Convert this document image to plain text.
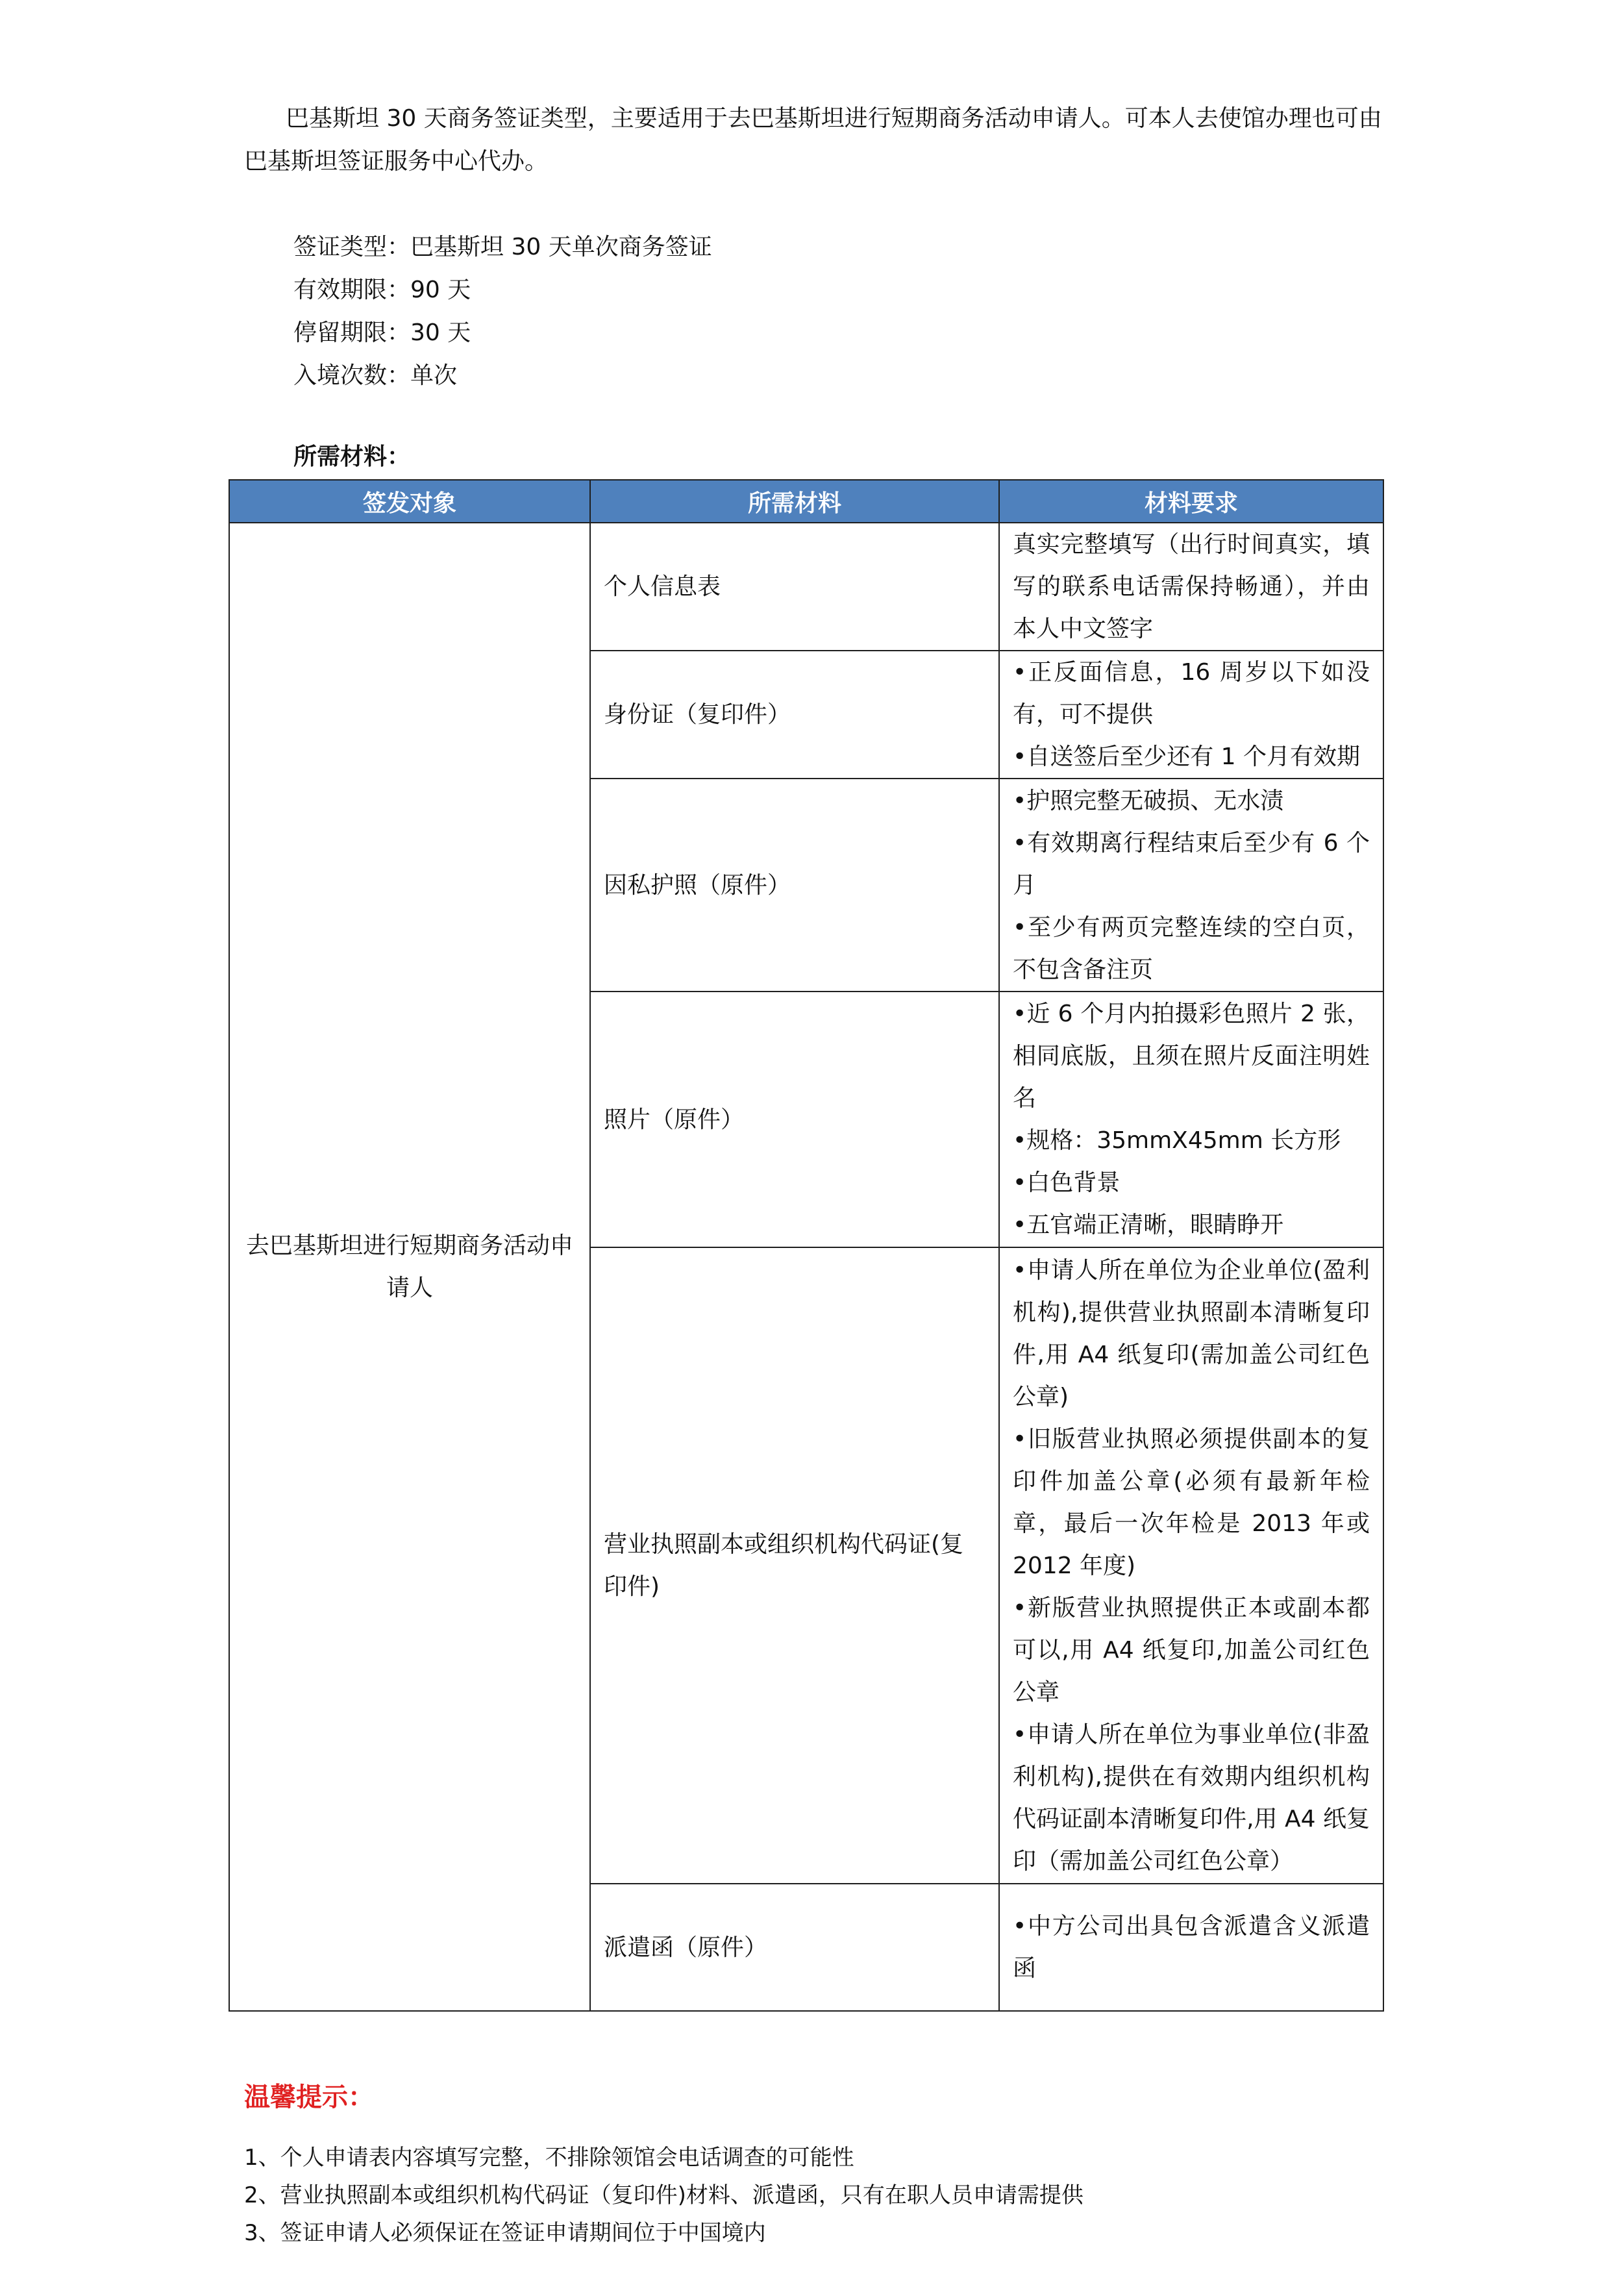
巴基斯坦 30 天商务签证类型，主要适用于去巴基斯坦进行短期商务活动申请人。可本人去使馆办理也可由巴基斯坦签证服务中心代办。

签证类型：巴基斯坦 30 天单次商务签证
有效期限：90 天
停留期限：30 天
入境次数：单次

所需材料：

签发对象	所需材料	材料要求
去巴基斯坦进行短期商务活动申请人	个人信息表	真实完整填写（出行时间真实，填写的联系电话需保持畅通），并由本人中文签字

	身份证（复印件）	•正反面信息，16 周岁以下如没有，可不提供
•自送签后至少还有 1 个月有效期

	因私护照（原件）	•护照完整无破损、无水渍
•有效期离行程结束后至少有 6 个月
•至少有两页完整连续的空白页，不包含备注页

	照片（原件）	•近 6 个月内拍摄彩色照片 2 张，相同底版，且须在照片反面注明姓名
•规格：35mmX45mm 长方形
•白色背景
•五官端正清晰，眼睛睁开

	营业执照副本或组织机构代码证(复印件)	•申请人所在单位为企业单位(盈利机构),提供营业执照副本清晰复印件,用 A4 纸复印(需加盖公司红色公章)
•旧版营业执照必须提供副本的复印件加盖公章(必须有最新年检章，最后一次年检是 2013 年或 2012 年度)
•新版营业执照提供正本或副本都可以,用 A4 纸复印,加盖公司红色公章
•申请人所在单位为事业单位(非盈利机构),提供在有效期内组织机构代码证副本清晰复印件,用 A4 纸复印（需加盖公司红色公章）

	派遣函（原件）	•中方公司出具包含派遣含义派遣函

温馨提示：

1、个人申请表内容填写完整，不排除领馆会电话调查的可能性
2、营业执照副本或组织机构代码证（复印件)材料、派遣函，只有在职人员申请需提供
3、签证申请人必须保证在签证申请期间位于中国境内
